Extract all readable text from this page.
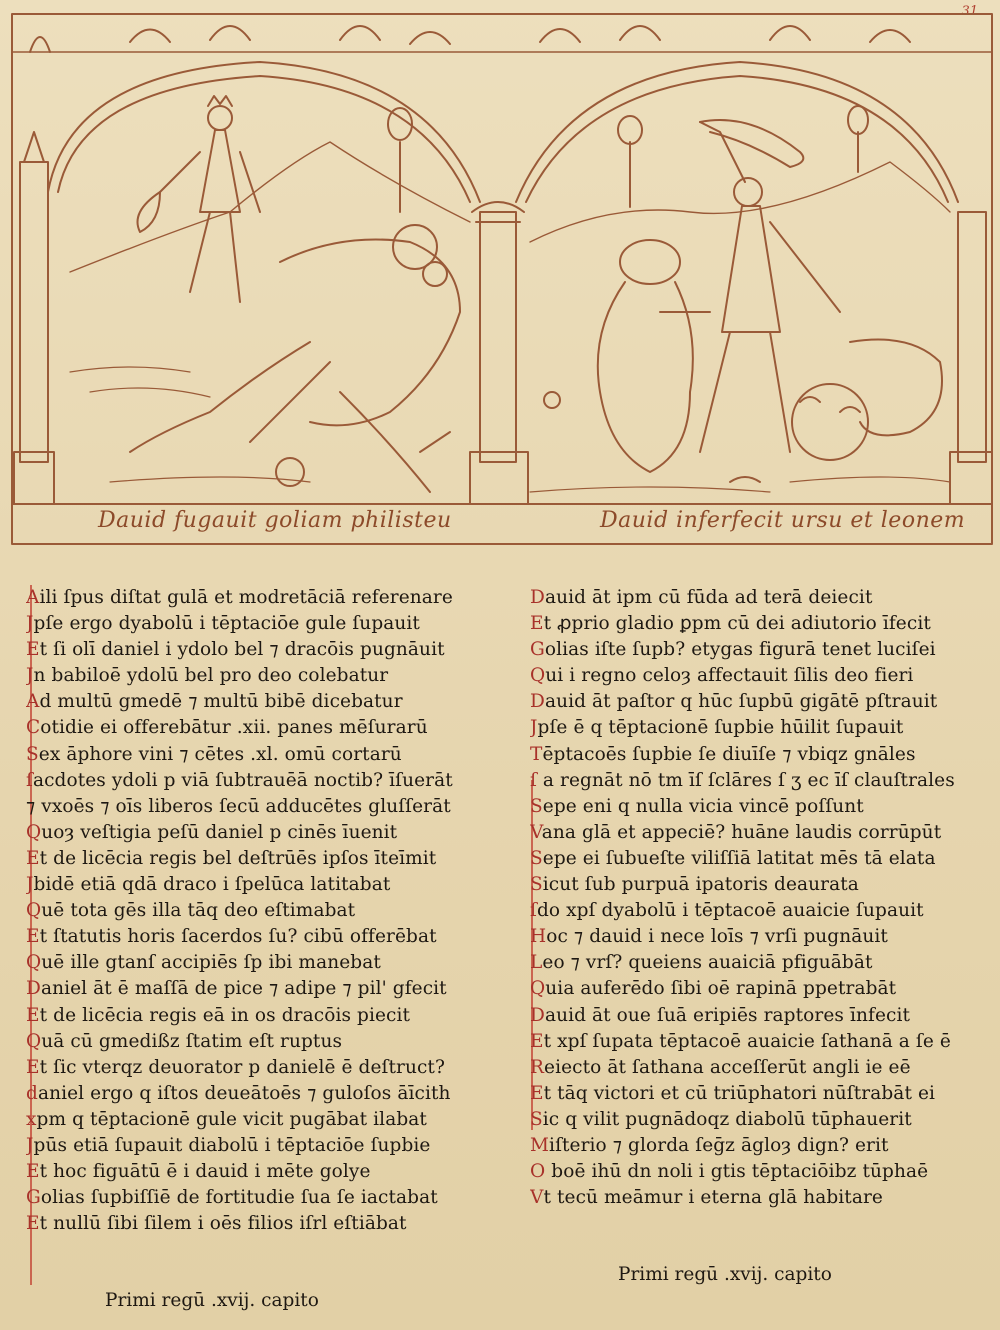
31
Dauid fugauit goliam philisteu	Dauid inferfecit ursu et leonem
Aili ſpus diſtat gulā et modretāciā referenare
Jpſe ergo dyabolū i tēptaciōe gule ſupauit
Et ſi olī daniel i ydolo bel ⁊ dracōis pugnāuit
Jn babiloē ydolū bel pro deo colebatur
Ad multū gmedē ⁊ multū bibē dicebatur
Cotidie ei offerebātur .xii. panes mēſurarū
Sex āphore vini ⁊ cētes .xl. omū cortarū
ſacdotes ydoli p viā ſubtrauēā noctib? īſuerāt
⁊ vxoēs ⁊ oīs liberos ſecū adducētes gluſſerāt
Quoȝ veſtigia peſū daniel p cinēs īuenit
Et de licēcia regis bel deſtrūēs ipſos īteīmit
Jbidē etiā qdā draco i ſpelūca latitabat
Quē tota gēs illa tāq deo eſtimabat
Et ſtatutis horis ſacerdos ſu? cibū offerēbat
Quē ille gtanſ accipiēs ſp ibi manebat
Daniel āt ē maſſā de pice ⁊ adipe ⁊ pil' gfecit
Et de licēcia regis eā in os dracōis piecit
Quā cū gmedißz ſtatim eſt ruptus
Et ſic vterqz deuorator p danielē ē deſtruct?
daniel ergo q iſtos deueātoēs ⁊ guloſos āīcith
xpm q tēptacionē gule vicit pugābat ilabat
Jpūs etiā ſupauit diabolū i tēptaciōe ſupbie
Et hoc figuātū ē i dauid i mēte golye
Golias ſupbiſſiē de fortitudie ſua ſe iactabat
Et nullū ſibi ſilem i oēs filios iſrl eſtiābat
Primi regū .xvij. capito
Dauid āt ipm cū fūda ad terā deiecit
Et ꝓprio gladio ꝑpm cū dei adiutorio īfecit
Golias iſte ſupb? etygas figurā tenet luciſei
Qui i regno celoȝ affectauit ſilis deo fieri
Dauid āt paſtor q hūc ſupbū gigātē pſtrauit
Jpſe ē q tēptacionē ſupbie hūilit ſupauit
Tēptacoēs ſupbie ſe diuīſe ⁊ vbiqz gnāles
ſ a regnāt nō tm īſ ſclāres ſ ʒ ec īſ clauſtrales
Sepe eni q nulla vicia vincē poſſunt
Vana glā et appeciē? huāne laudis corrūpūt
Sepe ei ſubueſte viliſſiā latitat mēs tā elata
Sicut ſub purpuā ipatoris deaurata
ſdo xpſ dyabolū i tēptacoē auaicie ſupauit
Hoc ⁊ dauid i nece loīs ⁊ vrſi pugnāuit
Leo ⁊ vrſ? queiens auaiciā pfiguābāt
Quia auferēdo ſibi oē rapinā ppetrabāt
Dauid āt oue ſuā eripiēs raptores īnfecit
Et xpſ ſupata tēptacoē auaicie ſathanā a ſe ē
Reiecto āt ſathana acceſſerūt angli ie eē
Et tāq victori et cū triūphatori nūſtrabāt ei
Sic q vilit pugnādoqz diabolū tūphauerit
Miſterio ⁊ glorda ſeḡz āgloȝ dign? erit
O boē ihū dn noli i gtis tēptaciōibz tūphaē
Vt tecū meāmur i eterna glā habitare
Primi regū .xvij. capito
